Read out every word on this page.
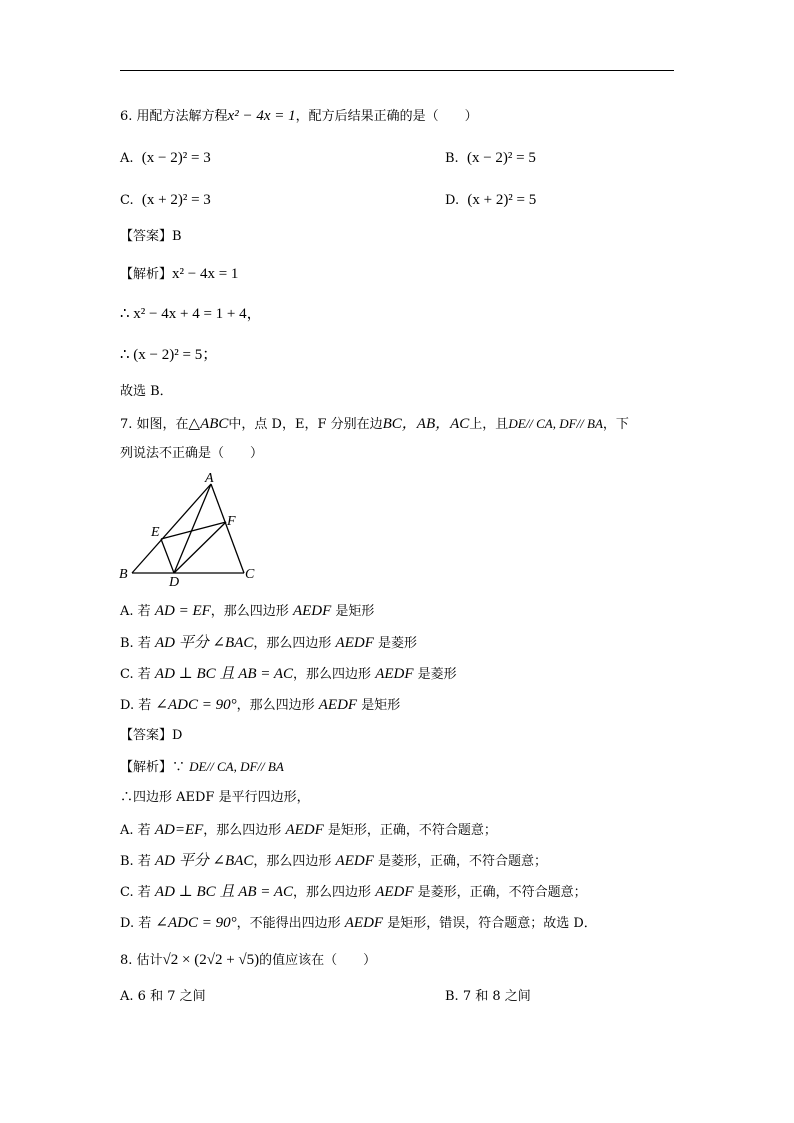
6. 用配方法解方程x² − 4x = 1，配方后结果正确的是（　　）
A. (x − 2)² = 3	B. (x − 2)² = 5
C. (x + 2)² = 3	D. (x + 2)² = 5
【答案】B
【解析】x² − 4x = 1
∴ x² − 4x + 4 = 1 + 4，
∴ (x − 2)² = 5；
故选 B．
7. 如图，在△ABC中，点 D，E，F 分别在边BC，AB，AC上，且DE// CA, DF// BA，下
列说法不正确是（　　）
A
B	C
D
E
F
A. 若 AD = EF，那么四边形 AEDF 是矩形
B. 若 AD 平分 ∠BAC，那么四边形 AEDF 是菱形
C. 若 AD ⊥ BC 且 AB = AC，那么四边形 AEDF 是菱形
D. 若 ∠ADC = 90°，那么四边形 AEDF 是矩形
【答案】D
【解析】∵ DE// CA, DF// BA
∴四边形 AEDF 是平行四边形，
A. 若 AD=EF，那么四边形 AEDF 是矩形，正确，不符合题意；
B. 若 AD 平分 ∠BAC，那么四边形 AEDF 是菱形，正确，不符合题意；
C. 若 AD ⊥ BC 且 AB = AC，那么四边形 AEDF 是菱形，正确，不符合题意；
D. 若 ∠ADC = 90°，不能得出四边形 AEDF 是矩形，错误，符合题意；故选 D．
8. 估计√2 × (2√2 + √5)的值应该在（　　）
A. 6 和 7 之间	B. 7 和 8 之间
